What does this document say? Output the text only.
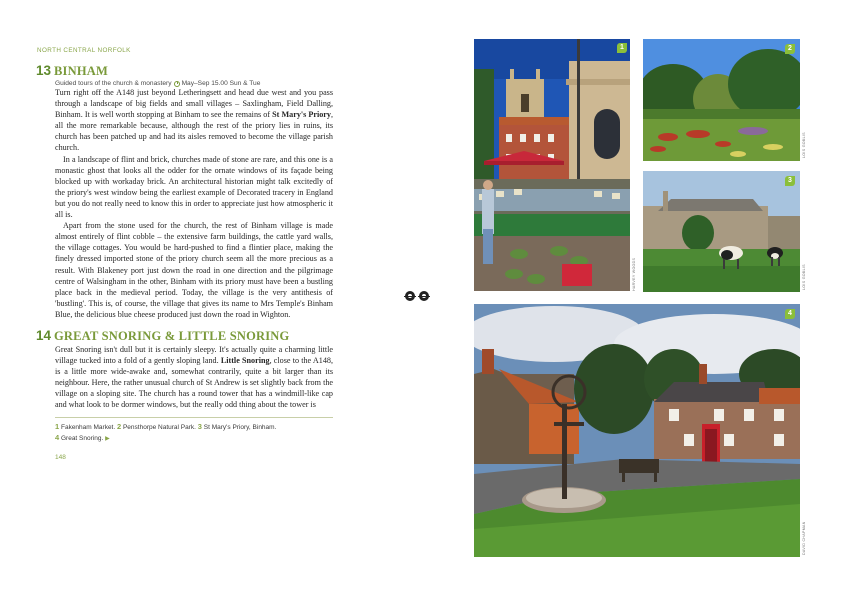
NORTH CENTRAL NORFOLK
13 BINHAM
Guided tours of the church & monastery May–Sep 15.00 Sun & Tue

Turn right off the A148 just beyond Letheringsett and head due west and you pass through a landscape of big fields and small villages – Saxlingham, Field Dalling, Binham. It is well worth stopping at Binham to see the remains of St Mary's Priory, all the more remarkable because, although the rest of the priory lies in ruins, its church has been patched up and had its aisles removed to become the village parish church.

In a landscape of flint and brick, churches made of stone are rare, and this one is a monastic ghost that looks all the odder for the ornate windows of its façade being blocked up with workaday brick. An architectural historian might talk excitedly of the priory's west window being the earliest example of Decorated tracery in England but you do not really need to know this in order to appreciate just how atmospheric it all is.

Apart from the stone used for the church, the rest of Binham village is made almost entirely of flint cobble – the extensive farm buildings, the cattle yard walls, the village cottages. You would be hard-pushed to find a flintier place, making the finely dressed imported stone of the priory church seem all the more precious as a result. With Blakeney port just down the road in one direction and the pilgrimage centre of Walsingham in the other, Binham with its priory must have been a bustling place back in the medieval period. Today, the village is the very antithesis of 'bustling'. This is, of course, the village that gives its name to Mrs Temple's Binham Blue, the delicious blue cheese produced just down the road in Wighton.

14 GREAT SNORING & LITTLE SNORING

Great Snoring isn't dull but it is certainly sleepy. It's actually quite a charming little village tucked into a fold of a gently sloping land. Little Snoring, close to the A148, is a little more wide-awake and, somewhat contrarily, quite a bit larger than its neighbour. Here, the rather unusual church of St Andrew is set slightly back from the village on a sloping site. The church has a round tower that has a windmill-like cap and what look to be dormer windows, but the really odd thing about the tower is

1 Fakenham Market. 2 Pensthorpe Natural Park. 3 St Mary's Priory, Binham.
4 Great Snoring. ▶
148
1
HARVEY WOODS
2
LOIS GOBLIS
3
LOIS GOBLIS
4
DAVID CHAPMAN
